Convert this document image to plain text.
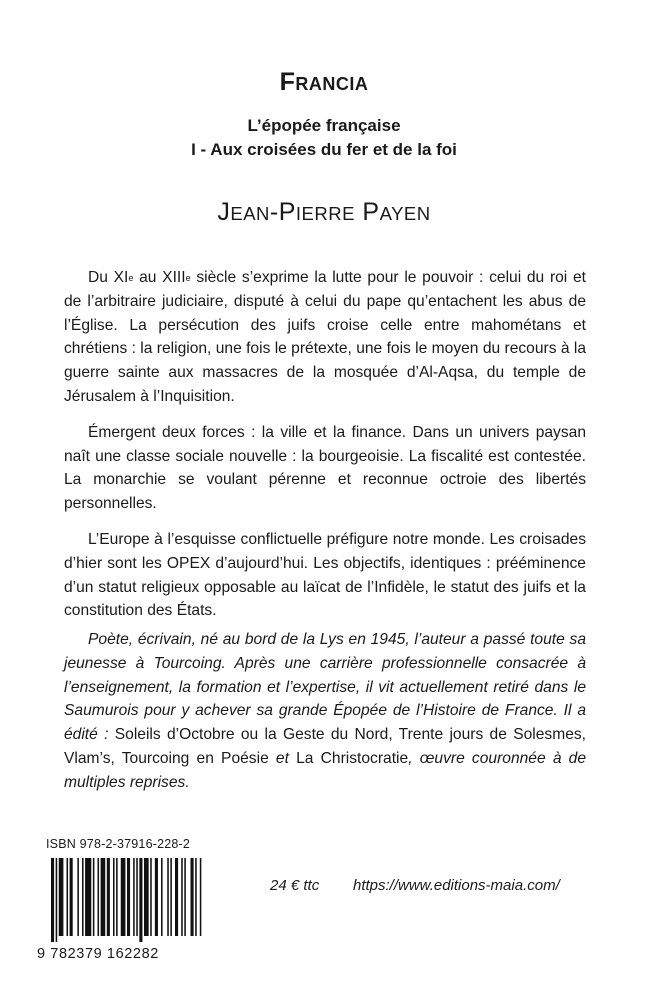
FRANCIA
L’épopée française
I - Aux croisées du fer et de la foi
JEAN-PIERRE PAYEN

Du XIe au XIIIe siècle s’exprime la lutte pour le pouvoir : celui du roi et de l’arbitraire judiciaire, disputé à celui du pape qu’entachent les abus de l’Église. La persécution des juifs croise celle entre mahométans et chrétiens : la religion, une fois le prétexte, une fois le moyen du recours à la guerre sainte aux massacres de la mosquée d’Al-Aqsa, du temple de Jérusalem à l’Inquisition.

Émergent deux forces : la ville et la finance. Dans un univers paysan naît une classe sociale nouvelle : la bourgeoisie. La fiscalité est contestée. La monarchie se voulant pérenne et reconnue octroie des libertés personnelles.

L’Europe à l’esquisse conflictuelle préfigure notre monde. Les croisades d’hier sont les OPEX d’aujourd’hui. Les objectifs, identiques : prééminence d’un statut religieux opposable au laïcat de l’Infidèle, le statut des juifs et la constitution des États.

Poète, écrivain, né au bord de la Lys en 1945, l’auteur a passé toute sa jeunesse à Tourcoing. Après une carrière professionnelle consacrée à l’enseignement, la formation et l’expertise, il vit actuellement retiré dans le Saumurois pour y achever sa grande Épopée de l’Histoire de France. Il a édité : Soleils d’Octobre ou la Geste du Nord, Trente jours de Solesmes, Vlam’s, Tourcoing en Poésie et La Christocratie, œuvre couronnée à de multiples reprises.
ISBN 978-2-37916-228-2
9 782379 162282
24 € ttc https://www.editions-maia.com/
